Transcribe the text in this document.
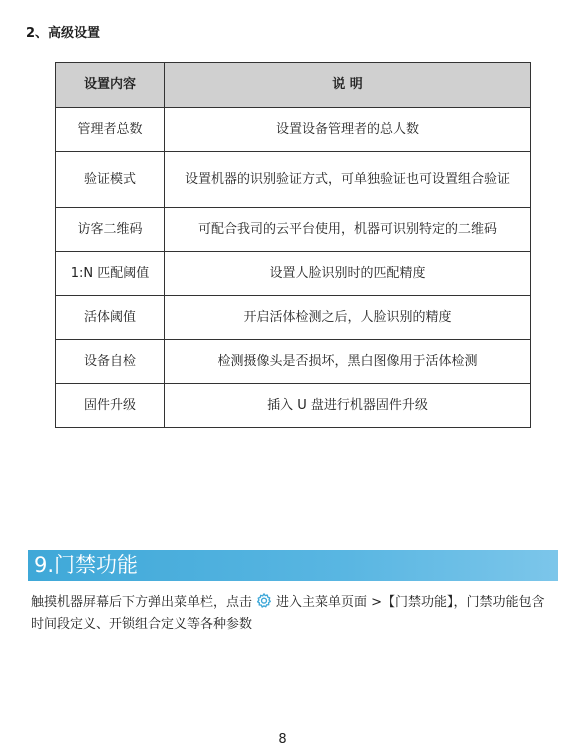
2、高级设置
设置内容	说 明
管理者总数	设置设备管理者的总人数
验证模式	设置机器的识别验证方式，可单独验证也可设置组合验证
访客二维码	可配合我司的云平台使用，机器可识别特定的二维码
1:N 匹配阈值	设置人脸识别时的匹配精度
活体阈值	开启活体检测之后，人脸识别的精度
设备自检	检测摄像头是否损坏，黑白图像用于活体检测
固件升级	插入 U 盘进行机器固件升级
9.门禁功能
触摸机器屏幕后下方弹出菜单栏，点击 进入主菜单页面 >【门禁功能】，门禁功能包含时间段定义、开锁组合定义等各种参数
8
